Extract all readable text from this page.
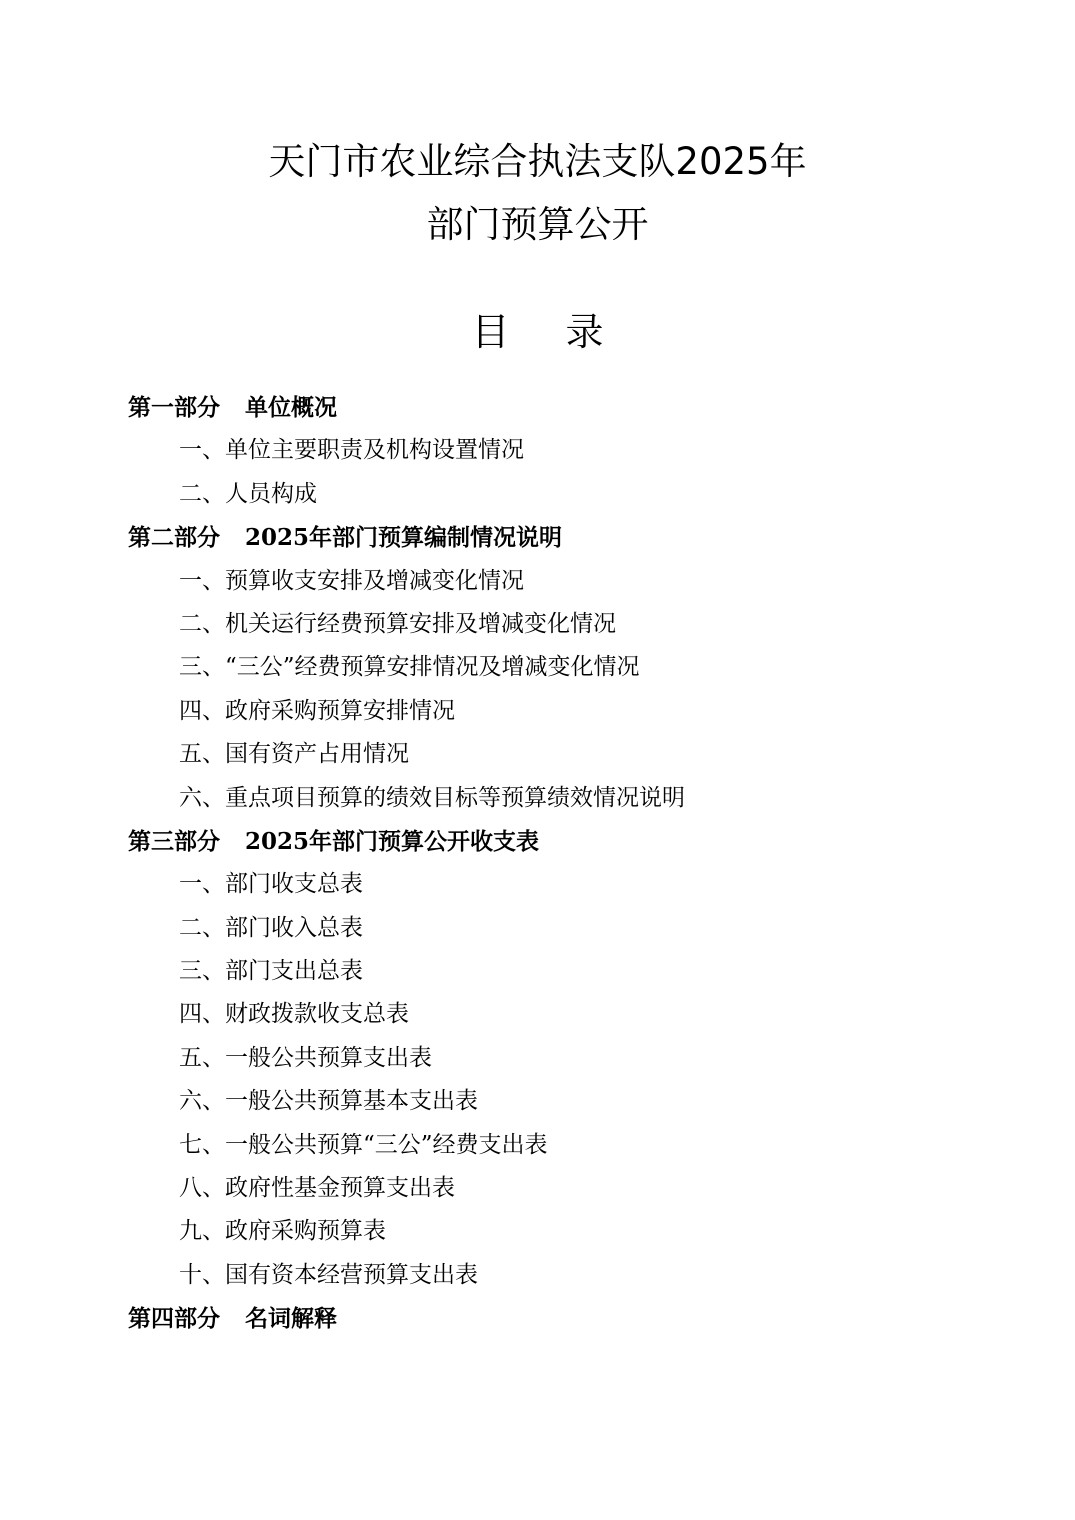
天门市农业综合执法支队2025年
部门预算公开
目录
第一部分 单位概况
一、单位主要职责及机构设置情况
二、人员构成
第二部分 2025年部门预算编制情况说明
一、预算收支安排及增减变化情况
二、机关运行经费预算安排及增减变化情况
三、“三公”经费预算安排情况及增减变化情况
四、政府采购预算安排情况
五、国有资产占用情况
六、重点项目预算的绩效目标等预算绩效情况说明
第三部分 2025年部门预算公开收支表
一、部门收支总表
二、部门收入总表
三、部门支出总表
四、财政拨款收支总表
五、一般公共预算支出表
六、一般公共预算基本支出表
七、一般公共预算“三公”经费支出表
八、政府性基金预算支出表
九、政府采购预算表
十、国有资本经营预算支出表
第四部分 名词解释
